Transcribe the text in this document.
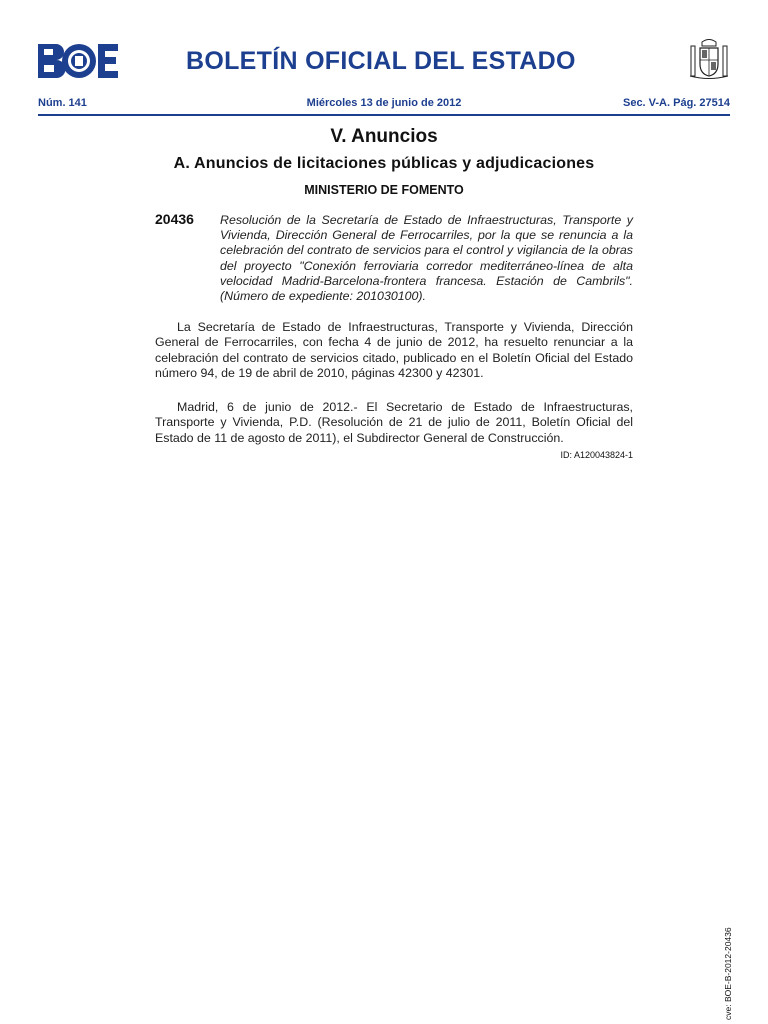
BOLETÍN OFICIAL DEL ESTADO
Núm. 141	Miércoles 13 de junio de 2012	Sec. V-A. Pág. 27514
V. Anuncios
A. Anuncios de licitaciones públicas y adjudicaciones
MINISTERIO DE FOMENTO
20436 Resolución de la Secretaría de Estado de Infraestructuras, Transporte y Vivienda, Dirección General de Ferrocarriles, por la que se renuncia a la celebración del contrato de servicios para el control y vigilancia de la obras del proyecto "Conexión ferroviaria corredor mediterráneo-línea de alta velocidad Madrid-Barcelona-frontera francesa. Estación de Cambrils". (Número de expediente: 201030100).

La Secretaría de Estado de Infraestructuras, Transporte y Vivienda, Dirección General de Ferrocarriles, con fecha 4 de junio de 2012, ha resuelto renunciar a la celebración del contrato de servicios citado, publicado en el Boletín Oficial del Estado número 94, de 19 de abril de 2010, páginas 42300 y 42301.

Madrid, 6 de junio de 2012.- El Secretario de Estado de Infraestructuras, Transporte y Vivienda, P.D. (Resolución de 21 de julio de 2011, Boletín Oficial del Estado de 11 de agosto de 2011), el Subdirector General de Construcción.

ID: A120043824-1
cve: BOE-B-2012-20436
